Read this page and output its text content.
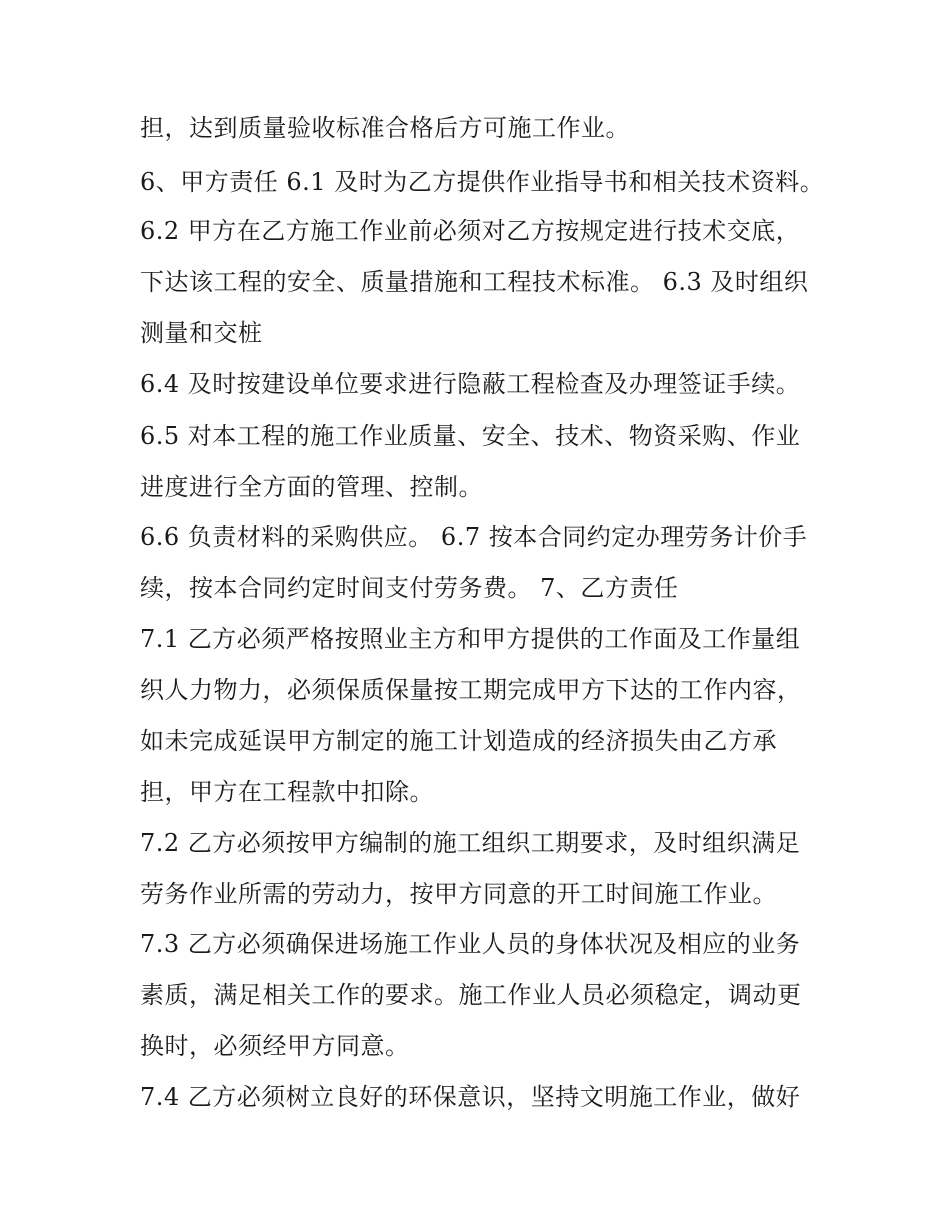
担，达到质量验收标准合格后方可施工作业。
6、甲方责任 6.1 及时为乙方提供作业指导书和相关技术资料。
6.2 甲方在乙方施工作业前必须对乙方按规定进行技术交底，
下达该工程的安全、质量措施和工程技术标准。 6.3 及时组织
测量和交桩
6.4 及时按建设单位要求进行隐蔽工程检查及办理签证手续。
6.5 对本工程的施工作业质量、安全、技术、物资采购、作业
进度进行全方面的管理、控制。
6.6 负责材料的采购供应。 6.7 按本合同约定办理劳务计价手
续，按本合同约定时间支付劳务费。 7、乙方责任
7.1 乙方必须严格按照业主方和甲方提供的工作面及工作量组
织人力物力，必须保质保量按工期完成甲方下达的工作内容，
如未完成延误甲方制定的施工计划造成的经济损失由乙方承
担，甲方在工程款中扣除。
7.2 乙方必须按甲方编制的施工组织工期要求，及时组织满足
劳务作业所需的劳动力，按甲方同意的开工时间施工作业。
7.3 乙方必须确保进场施工作业人员的身体状况及相应的业务
素质，满足相关工作的要求。施工作业人员必须稳定，调动更
换时，必须经甲方同意。
7.4 乙方必须树立良好的环保意识，坚持文明施工作业，做好
